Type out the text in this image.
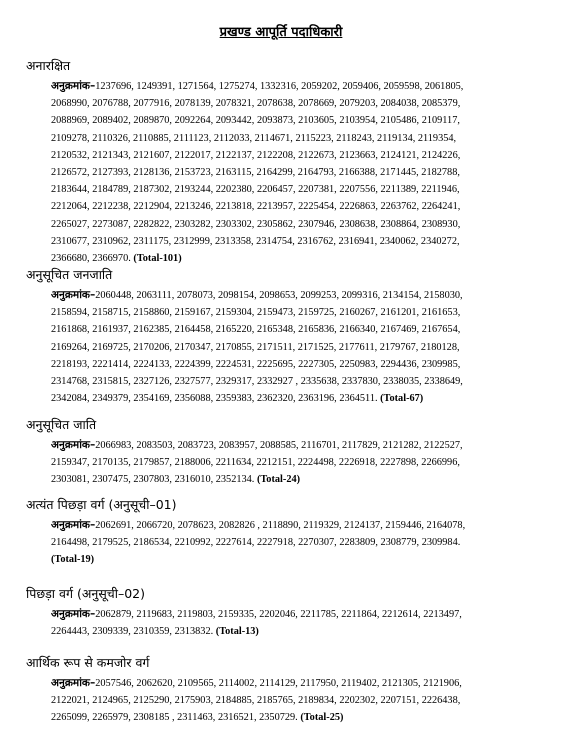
प्रखण्ड आपूर्ति पदाधिकारी
अनारक्षित
अनुक्रमांक–1237696, 1249391, 1271564, 1275274, 1332316, 2059202, 2059406, 2059598, 2061805,
2068990, 2076788, 2077916, 2078139, 2078321, 2078638, 2078669, 2079203, 2084038, 2085379,
2088969, 2089402, 2089870, 2092264, 2093442, 2093873, 2103605, 2103954, 2105486, 2109117,
2109278, 2110326, 2110885, 2111123, 2112033, 2114671, 2115223, 2118243, 2119134, 2119354,
2120532, 2121343, 2121607, 2122017, 2122137, 2122208, 2122673, 2123663, 2124121, 2124226,
2126572, 2127393, 2128136, 2153723, 2163115, 2164299, 2164793, 2166388, 2171445, 2182788,
2183644, 2184789, 2187302, 2193244, 2202380, 2206457, 2207381, 2207556, 2211389, 2211946,
2212064, 2212238, 2212904, 2213246, 2213818, 2213957, 2225454, 2226863, 2263762, 2264241,
2265027, 2273087, 2282822, 2303282, 2303302, 2305862, 2307946, 2308638, 2308864, 2308930,
2310677, 2310962, 2311175, 2312999, 2313358, 2314754, 2316762, 2316941, 2340062, 2340272,
2366680, 2366970. (Total-101)
अनुसूचित जनजाति
अनुक्रमांक–2060448, 2063111, 2078073, 2098154, 2098653, 2099253, 2099316, 2134154, 2158030,
2158594, 2158715, 2158860, 2159167, 2159304, 2159473, 2159725, 2160267, 2161201, 2161653,
2161868, 2161937, 2162385, 2164458, 2165220, 2165348, 2165836, 2166340, 2167469, 2167654,
2169264, 2169725, 2170206, 2170347, 2170855, 2171511, 2171525, 2177611, 2179767, 2180128,
2218193, 2221414, 2224133, 2224399, 2224531, 2225695, 2227305, 2250983, 2294436, 2309985,
2314768, 2315815, 2327126, 2327577, 2329317, 2332927 , 2335638, 2337830, 2338035, 2338649,
2342084, 2349379, 2354169, 2356088, 2359383, 2362320, 2363196, 2364511. (Total-67)
अनुसूचित जाति
अनुक्रमांक–2066983, 2083503, 2083723, 2083957, 2088585, 2116701, 2117829, 2121282, 2122527,
2159347, 2170135, 2179857, 2188006, 2211634, 2212151, 2224498, 2226918, 2227898, 2266996,
2303081, 2307475, 2307803, 2316010, 2352134. (Total-24)
अत्यंत पिछड़ा वर्ग (अनुसूची–01)
अनुक्रमांक–2062691, 2066720, 2078623, 2082826 , 2118890, 2119329, 2124137, 2159446, 2164078,
2164498, 2179525, 2186534, 2210992, 2227614, 2227918, 2270307, 2283809, 2308779, 2309984.
(Total-19)
पिछड़ा वर्ग (अनुसूची–02)
अनुक्रमांक–2062879, 2119683, 2119803, 2159335, 2202046, 2211785, 2211864, 2212614, 2213497,
2264443, 2309339, 2310359, 2313832. (Total-13)
आर्थिक रूप से कमजोर वर्ग
अनुक्रमांक–2057546, 2062620, 2109565, 2114002, 2114129, 2117950, 2119402, 2121305, 2121906,
2122021, 2124965, 2125290, 2175903, 2184885, 2185765, 2189834, 2202302, 2207151, 2226438,
2265099, 2265979, 2308185 , 2311463, 2316521, 2350729. (Total-25)
